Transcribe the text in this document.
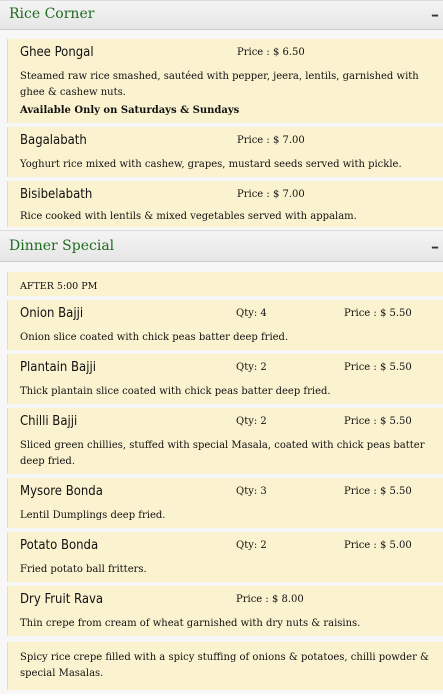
Rice Corner	–
Ghee Pongal	Price : $ 6.50
Steamed raw rice smashed, sautéed with pepper, jeera, lentils, garnished with ghee & cashew nuts.
Available Only on Saturdays & Sundays
Bagalabath	Price : $ 7.00
Yoghurt rice mixed with cashew, grapes, mustard seeds served with pickle.
Bisibelabath	Price : $ 7.00
Rice cooked with lentils & mixed vegetables served with appalam.
Dinner Special	–
AFTER 5:00 PM
Onion Bajji	Qty: 4	Price : $ 5.50
Onion slice coated with chick peas batter deep fried.
Plantain Bajji	Qty: 2	Price : $ 5.50
Thick plantain slice coated with chick peas batter deep fried.
Chilli Bajji	Qty: 2	Price : $ 5.50
Sliced green chillies, stuffed with special Masala, coated with chick peas batter deep fried.
Mysore Bonda	Qty: 3	Price : $ 5.50
Lentil Dumplings deep fried.
Potato Bonda	Qty: 2	Price : $ 5.00
Fried potato ball fritters.
Dry Fruit Rava	Price : $ 8.00
Thin crepe from cream of wheat garnished with dry nuts & raisins.
Spicy rice crepe filled with a spicy stuffing of onions & potatoes, chilli powder & special Masalas.
